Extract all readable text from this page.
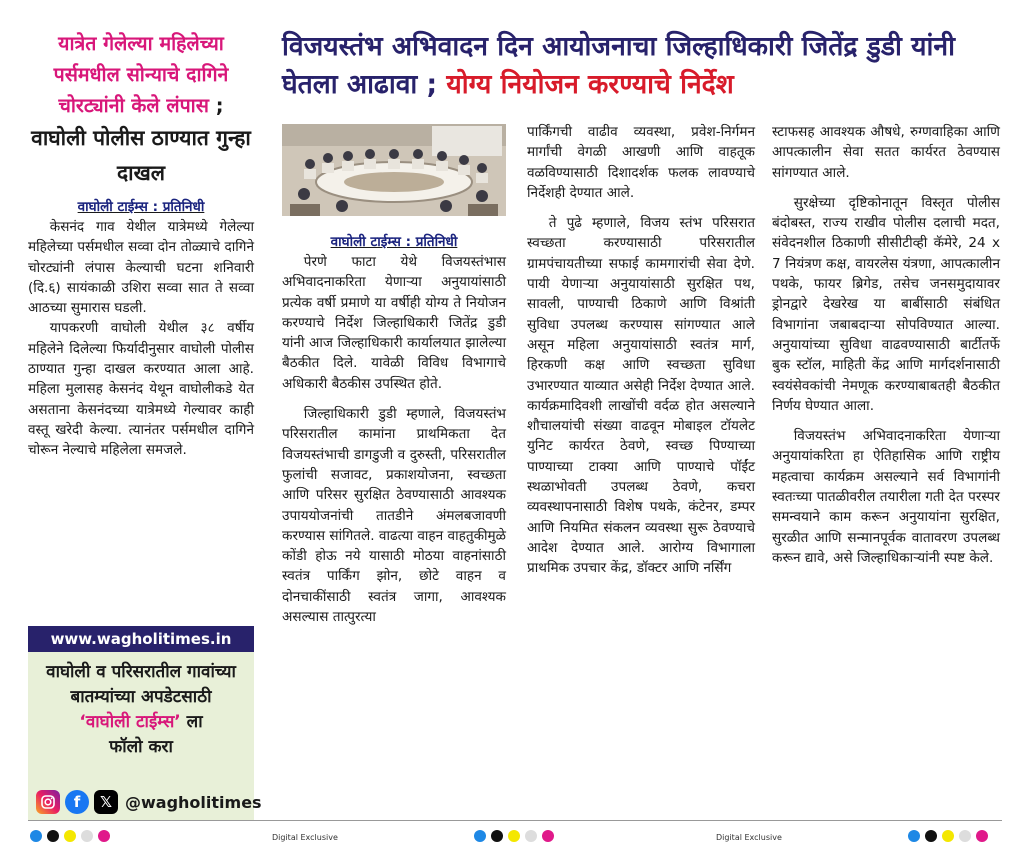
यात्रेत गेलेल्या महिलेच्या पर्समधील सोन्याचे दागिने चोरट्यांनी केले लंपास ;
वाघोली पोलीस ठाण्यात गुन्हा दाखल
वाघोली टाईम्स : प्रतिनिधी

केसनंद गाव येथील यात्रेमध्ये गेलेल्या महिलेच्या पर्समधील सव्वा दोन तोळ्याचे दागिने चोरट्यांनी लंपास केल्याची घटना शनिवारी (दि.६) सायंकाळी उशिरा सव्वा सात ते सव्वा आठच्या सुमारास घडली.

यापकरणी वाघोली येथील ३८ वर्षीय महिलेने दिलेल्या फिर्यादीनुसार वाघोली पोलीस ठाण्यात गुन्हा दाखल करण्यात आला आहे. महिला मुलासह केसनंद येथून वाघोलीकडे येत असताना केसनंदच्या यात्रेमध्ये गेल्यावर काही वस्तू खरेदी केल्या. त्यानंतर पर्समधील दागिने चोरून नेल्याचे महिलेला समजले.

www.wagholitimes.in
वाघोली व परिसरातील गावांच्या बातम्यांच्या अपडेटसाठी
‘वाघोली टाईम्स’ ला
फॉलो करा
f	𝕏 @wagholitimes
विजयस्तंभ अभिवादन दिन आयोजनाचा जिल्हाधिकारी जितेंद्र डुडी यांनी घेतला आढावा ; योग्य नियोजन करण्याचे निर्देश
वाघोली टाईम्स : प्रतिनिधी

पेरणे फाटा येथे विजयस्तंभास अभिवादनाकरिता येणाऱ्या अनुयायांसाठी प्रत्येक वर्षी प्रमाणे या वर्षीही योग्य ते नियोजन करण्याचे निर्देश जिल्हाधिकारी जितेंद्र डुडी यांनी आज जिल्हाधिकारी कार्यालयात झालेल्या बैठकीत दिले. यावेळी विविध विभागाचे अधिकारी बैठकीस उपस्थित होते.

जिल्हाधिकारी डुडी म्हणाले, विजयस्तंभ परिसरातील कामांना प्राथमिकता देत विजयस्तंभाची डागडुजी व दुरुस्ती, परिसरातील फुलांची सजावट, प्रकाशयोजना, स्वच्छता आणि परिसर सुरक्षित ठेवण्यासाठी आवश्यक उपाययोजनांची तातडीने अंमलबजावणी करण्यास सांगितले. वाढत्या वाहन वाहतुकीमुळे कोंडी होऊ नये यासाठी मोठया वाहनांसाठी स्वतंत्र पार्किंग झोन, छोटे वाहन व दोनचाकींसाठी स्वतंत्र जागा, आवश्यक असल्यास तात्पुरत्या

पार्किंगची वाढीव व्यवस्था, प्रवेश-निर्गमन मार्गांची वेगळी आखणी आणि वाहतूक वळविण्यासाठी दिशादर्शक फलक लावण्याचे निर्देशही देण्यात आले.

ते पुढे म्हणाले, विजय स्तंभ परिसरात स्वच्छता करण्यासाठी परिसरातील ग्रामपंचायतीच्या सफाई कामगारांची सेवा देणे. पायी येणाऱ्या अनुयायांसाठी सुरक्षित पथ, सावली, पाण्याची ठिकाणे आणि विश्रांती सुविधा उपलब्ध करण्यास सांगण्यात आले असून महिला अनुयायांसाठी स्वतंत्र मार्ग, हिरकणी कक्ष आणि स्वच्छता सुविधा उभारण्यात याव्यात असेही निर्देश देण्यात आले. कार्यक्रमादिवशी लाखोंची वर्दळ होत असल्याने शौचालयांची संख्या वाढवून मोबाइल टॉयलेट युनिट कार्यरत ठेवणे, स्वच्छ पिण्याच्या पाण्याच्या टाक्या आणि पाण्याचे पॉईंट स्थळाभोवती उपलब्ध ठेवणे, कचरा व्यवस्थापनासाठी विशेष पथके, कंटेनर, डम्पर आणि नियमित संकलन व्यवस्था सुरू ठेवण्याचे आदेश देण्यात आले. आरोग्य विभागाला प्राथमिक उपचार केंद्र, डॉक्टर आणि नर्सिंग

स्टाफसह आवश्यक औषधे, रुग्णवाहिका आणि आपत्कालीन सेवा सतत कार्यरत ठेवण्यास सांगण्यात आले.

सुरक्षेच्या दृष्टिकोनातून विस्तृत पोलीस बंदोबस्त, राज्य राखीव पोलीस दलाची मदत, संवेदनशील ठिकाणी सीसीटीव्ही कॅमेरे, 24 x 7 नियंत्रण कक्ष, वायरलेस यंत्रणा, आपत्कालीन पथके, फायर ब्रिगेड, तसेच जनसमुदायावर ड्रोनद्वारे देखरेख या बाबींसाठी संबंधित विभागांना जबाबदाऱ्या सोपविण्यात आल्या. अनुयायांच्या सुविधा वाढवण्यासाठी बार्टीतर्फे बुक स्टॉल, माहिती केंद्र आणि मार्गदर्शनासाठी स्वयंसेवकांची नेमणूक करण्याबाबतही बैठकीत निर्णय घेण्यात आला.

विजयस्तंभ अभिवादनाकरिता येणाऱ्या अनुयायांकरिता हा ऐतिहासिक आणि राष्ट्रीय महत्वाचा कार्यक्रम असल्याने सर्व विभागांनी स्वतःच्या पातळीवरील तयारीला गती देत परस्पर समन्वयाने काम करून अनुयायांना सुरक्षित, सुरळीत आणि सन्मानपूर्वक वातावरण उपलब्ध करून द्यावे, असे जिल्हाधिकाऱ्यांनी स्पष्ट केले.

Digital Exclusive	Digital Exclusive
